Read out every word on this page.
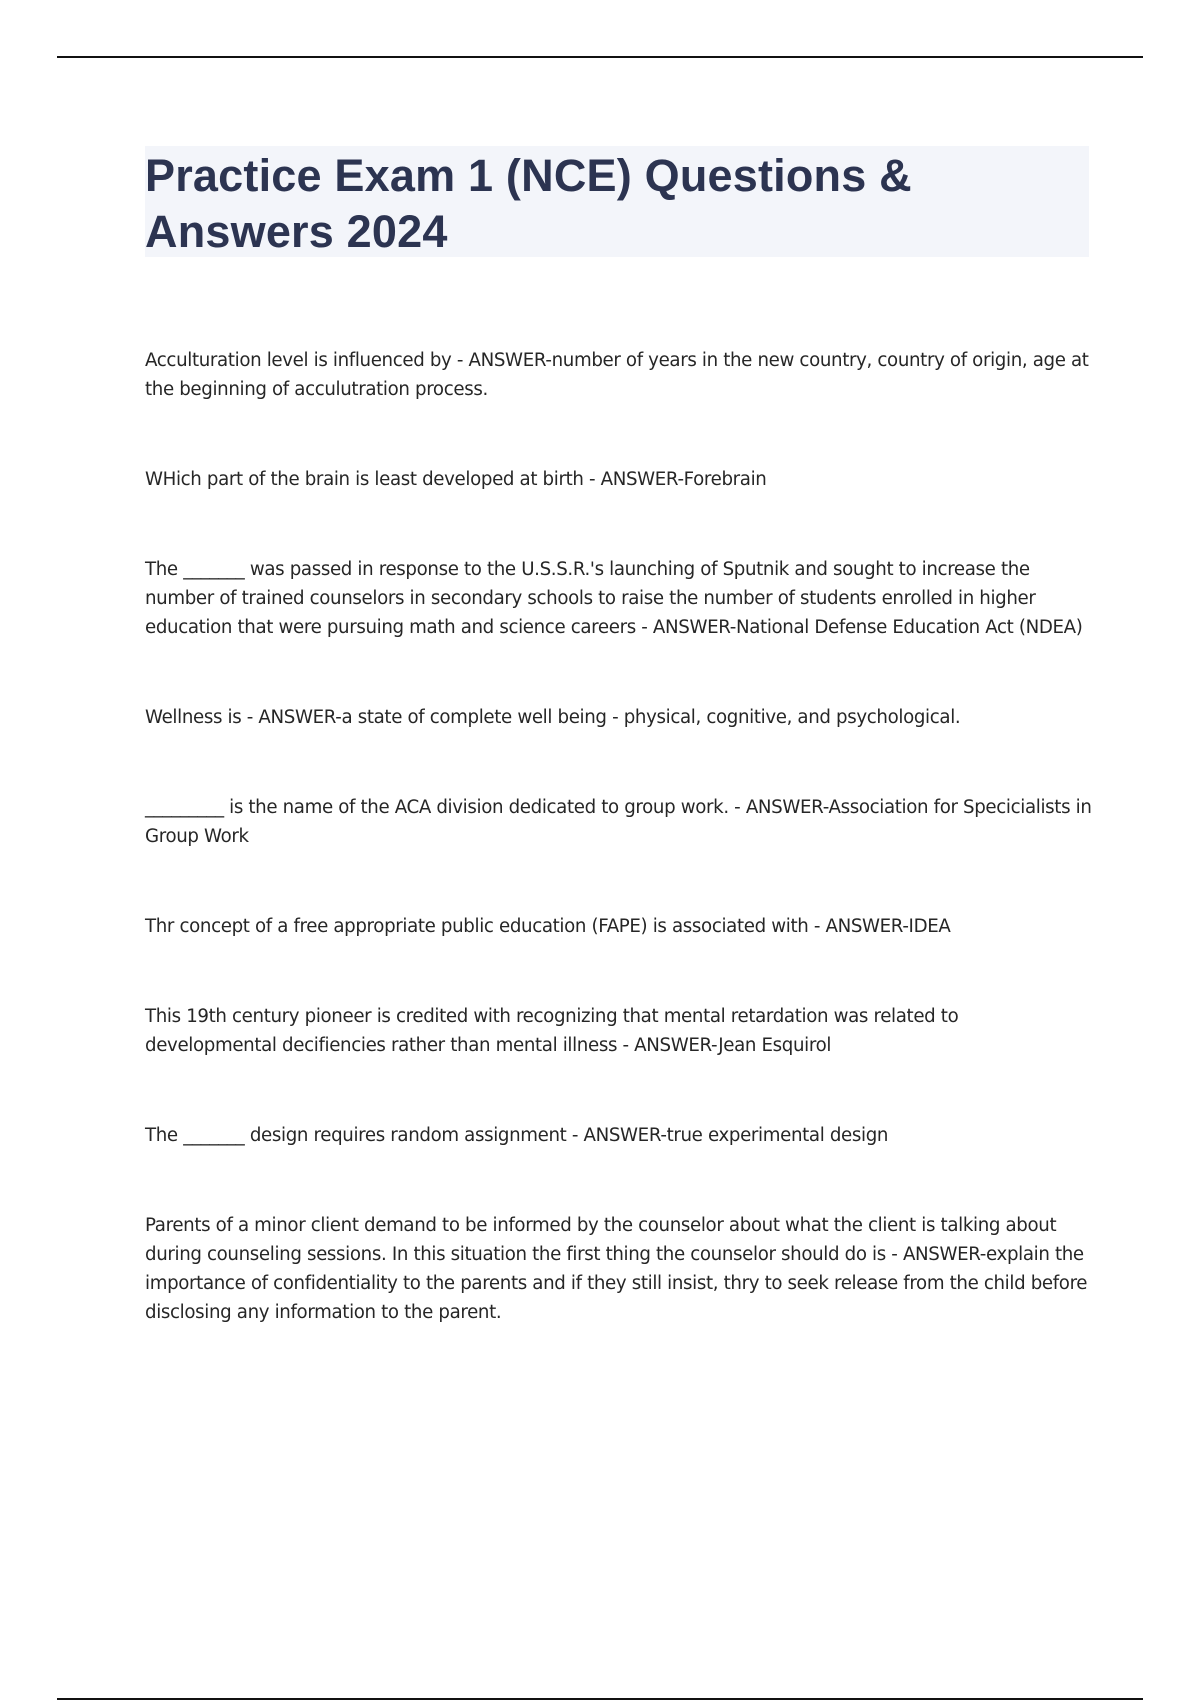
Practice Exam 1 (NCE) Questions & Answers 2024

Acculturation level is influenced by - ANSWER-number of years in the new country, country of origin, age at the beginning of acculutration process.

WHich part of the brain is least developed at birth - ANSWER-Forebrain

The _______ was passed in response to the U.S.S.R.'s launching of Sputnik and sought to increase the number of trained counselors in secondary schools to raise the number of students enrolled in higher education that were pursuing math and science careers - ANSWER-National Defense Education Act (NDEA)

Wellness is - ANSWER-a state of complete well being - physical, cognitive, and psychological.

_________ is the name of the ACA division dedicated to group work. - ANSWER-Association for Specicialists in Group Work

Thr concept of a free appropriate public education (FAPE) is associated with - ANSWER-IDEA

This 19th century pioneer is credited with recognizing that mental retardation was related to developmental decifiencies rather than mental illness - ANSWER-Jean Esquirol

The _______ design requires random assignment - ANSWER-true experimental design

Parents of a minor client demand to be informed by the counselor about what the client is talking about during counseling sessions. In this situation the first thing the counselor should do is - ANSWER-explain the importance of confidentiality to the parents and if they still insist, thry to seek release from the child before disclosing any information to the parent.
